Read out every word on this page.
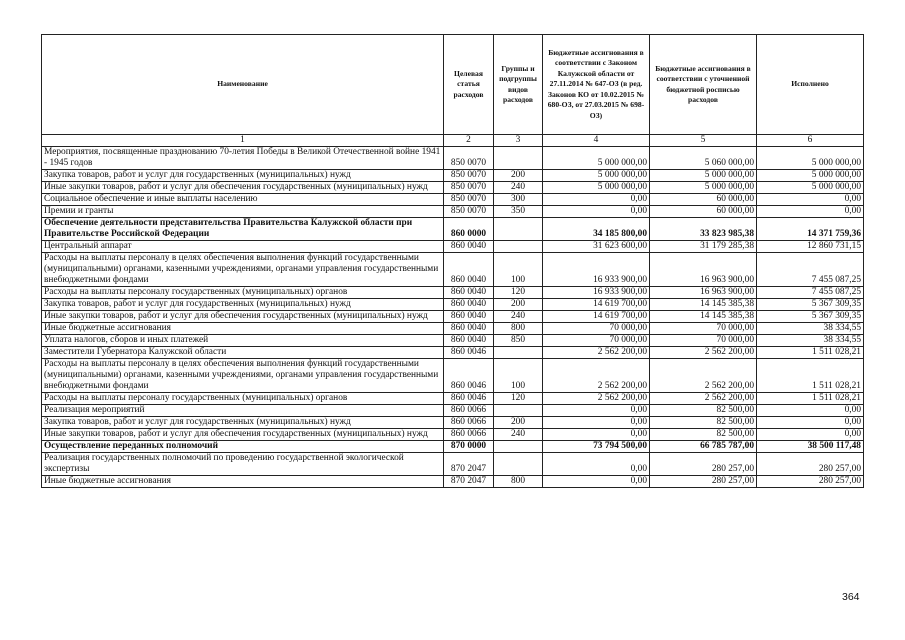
Наименование	Целевая статья расходов	Группы и подгруппы видов расходов	Бюджетные ассигнования в соответствии с Законом Калужской области от 27.11.2014 № 647-ОЗ (в ред. Законов КО от 10.02.2015 № 680-ОЗ, от 27.03.2015 № 698-ОЗ)	Бюджетные ассигнования в соответствии с уточненной бюджетной росписью расходов	Исполнено
1	2	3	4	5	6
Мероприятия, посвященные празднованию 70-летия Победы в Великой Отечественной войне 1941 - 1945 годов	850 0070		5 000 000,00	5 060 000,00	5 000 000,00
Закупка товаров, работ и услуг для государственных (муниципальных) нужд	850 0070	200	5 000 000,00	5 000 000,00	5 000 000,00
Иные закупки товаров, работ и услуг для обеспечения государственных (муниципальных) нужд	850 0070	240	5 000 000,00	5 000 000,00	5 000 000,00
Социальное обеспечение и иные выплаты населению	850 0070	300	0,00	60 000,00	0,00
Премии и гранты	850 0070	350	0,00	60 000,00	0,00
Обеспечение деятельности представительства Правительства Калужской области при Правительстве Российской Федерации	860 0000		34 185 800,00	33 823 985,38	14 371 759,36
Центральный аппарат	860 0040		31 623 600,00	31 179 285,38	12 860 731,15
Расходы на выплаты персоналу в целях обеспечения выполнения функций государственными (муниципальными) органами, казенными учреждениями, органами управления государственными внебюджетными фондами	860 0040	100	16 933 900,00	16 963 900,00	7 455 087,25
Расходы на выплаты персоналу государственных (муниципальных) органов	860 0040	120	16 933 900,00	16 963 900,00	7 455 087,25
Закупка товаров, работ и услуг для государственных (муниципальных) нужд	860 0040	200	14 619 700,00	14 145 385,38	5 367 309,35
Иные закупки товаров, работ и услуг для обеспечения государственных (муниципальных) нужд	860 0040	240	14 619 700,00	14 145 385,38	5 367 309,35
Иные бюджетные ассигнования	860 0040	800	70 000,00	70 000,00	38 334,55
Уплата налогов, сборов и иных платежей	860 0040	850	70 000,00	70 000,00	38 334,55
Заместители Губернатора Калужской области	860 0046		2 562 200,00	2 562 200,00	1 511 028,21
Расходы на выплаты персоналу в целях обеспечения выполнения функций государственными (муниципальными) органами, казенными учреждениями, органами управления государственными внебюджетными фондами	860 0046	100	2 562 200,00	2 562 200,00	1 511 028,21
Расходы на выплаты персоналу государственных (муниципальных) органов	860 0046	120	2 562 200,00	2 562 200,00	1 511 028,21
Реализация мероприятий	860 0066		0,00	82 500,00	0,00
Закупка товаров, работ и услуг для государственных (муниципальных) нужд	860 0066	200	0,00	82 500,00	0,00
Иные закупки товаров, работ и услуг для обеспечения государственных (муниципальных) нужд	860 0066	240	0,00	82 500,00	0,00
Осуществление переданных полномочий	870 0000		73 794 500,00	66 785 787,00	38 500 117,48
Реализация государственных полномочий по проведению государственной экологической экспертизы	870 2047		0,00	280 257,00	280 257,00
Иные бюджетные ассигнования	870 2047	800	0,00	280 257,00	280 257,00
364
